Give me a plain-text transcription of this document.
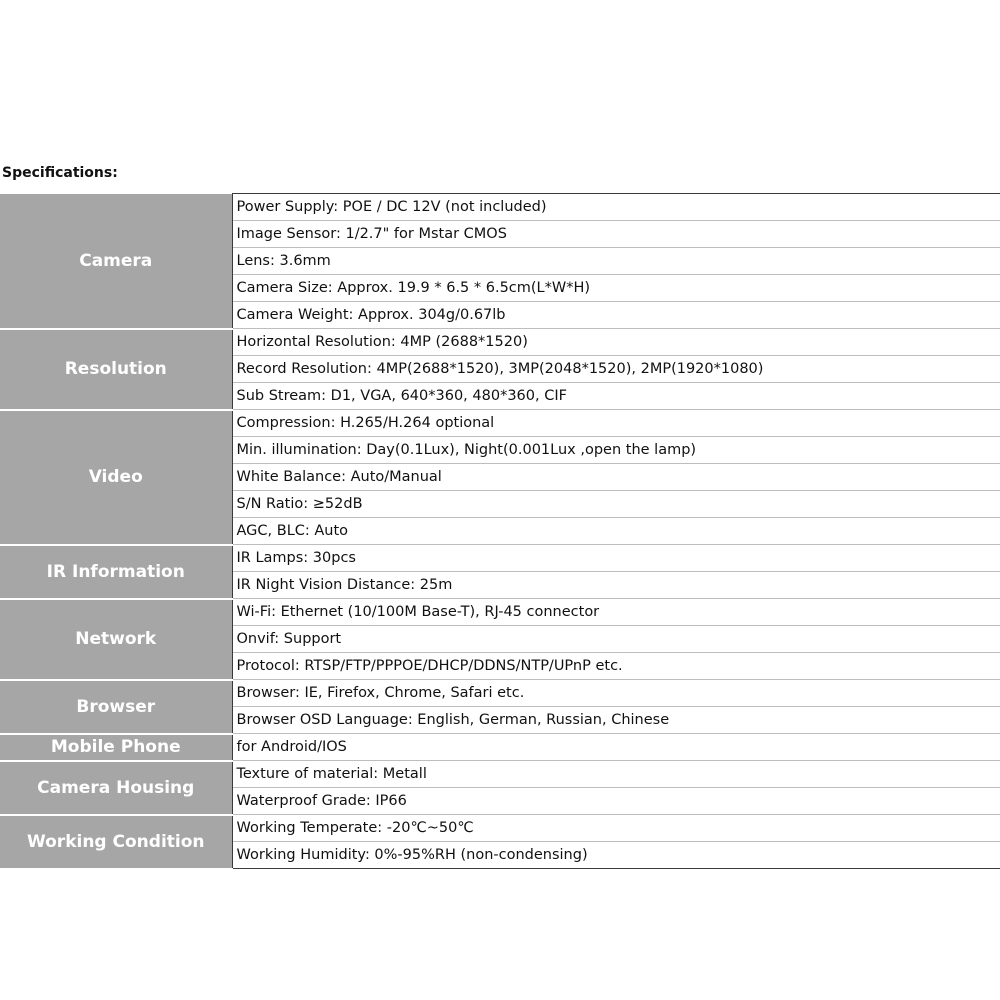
Specifications:
Camera	Power Supply: POE / DC 12V (not included)
	Image Sensor: 1/2.7" for Mstar CMOS
	Lens: 3.6mm
	Camera Size: Approx. 19.9 * 6.5 * 6.5cm(L*W*H)
	Camera Weight: Approx. 304g/0.67lb
Resolution	Horizontal Resolution: 4MP (2688*1520)
	Record Resolution: 4MP(2688*1520), 3MP(2048*1520), 2MP(1920*1080)
	Sub Stream: D1, VGA, 640*360, 480*360, CIF
Video	Compression: H.265/H.264 optional
	Min. illumination: Day(0.1Lux), Night(0.001Lux ,open the lamp)
	White Balance: Auto/Manual
	S/N Ratio: ≥52dB
	AGC, BLC: Auto
IR Information	IR Lamps: 30pcs
	IR Night Vision Distance: 25m
Network	Wi-Fi: Ethernet (10/100M Base-T), RJ-45 connector
	Onvif: Support
	Protocol: RTSP/FTP/PPPOE/DHCP/DDNS/NTP/UPnP etc.
Browser	Browser: IE, Firefox, Chrome, Safari etc.
	Browser OSD Language: English, German, Russian, Chinese
Mobile Phone	for Android/IOS
Camera Housing	Texture of material: Metall
	Waterproof Grade: IP66
Working Condition	Working Temperate: -20℃~50℃
	Working Humidity: 0%-95%RH (non-condensing)
